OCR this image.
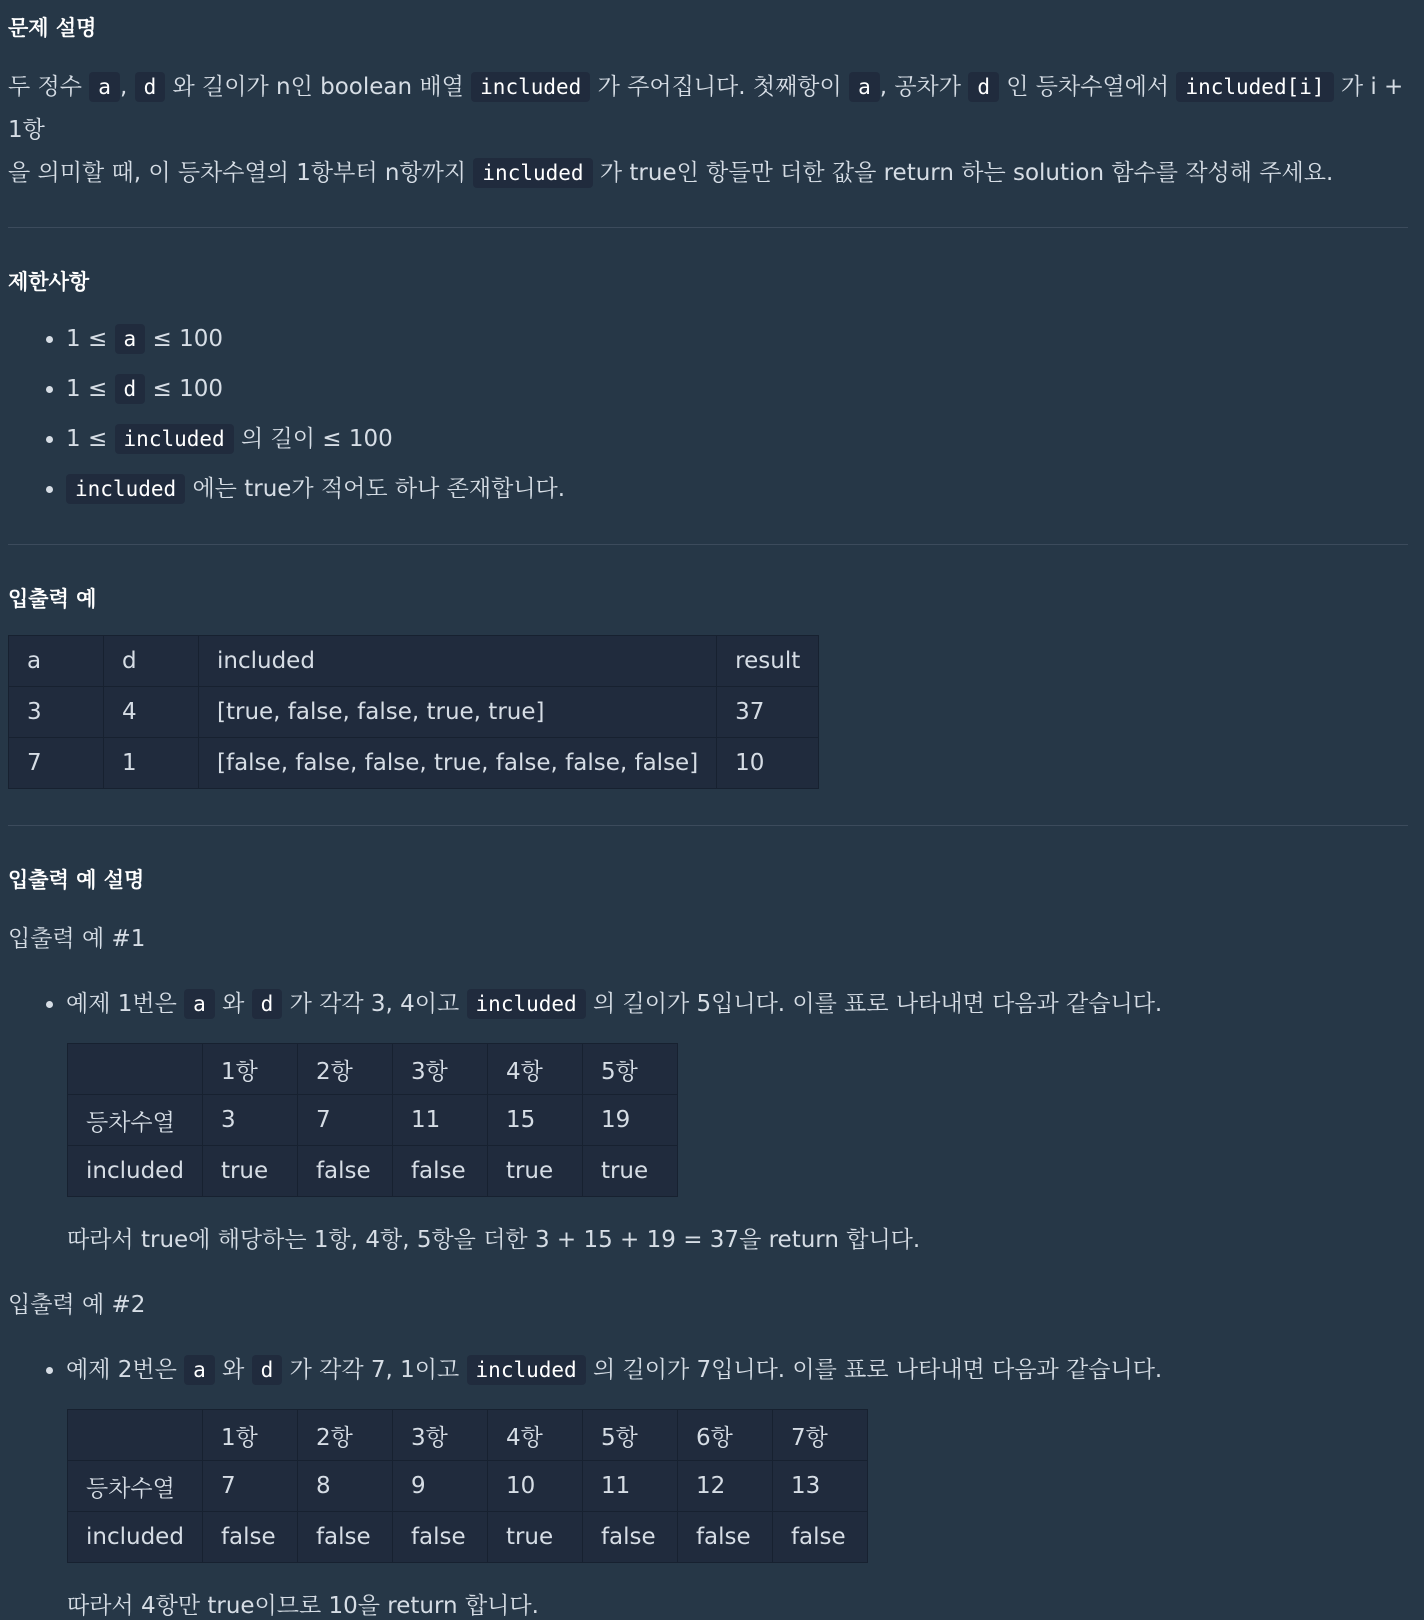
문제 설명

두 정수 a , d 와 길이가 n인 boolean 배열 included 가 주어집니다. 첫째항이 a , 공차가 d 인 등차수열에서 included[i] 가 i + 1항
을 의미할 때, 이 등차수열의 1항부터 n항까지 included 가 true인 항들만 더한 값을 return 하는 solution 함수를 작성해 주세요.

제한사항
• 1 ≤ a ≤ 100
• 1 ≤ d ≤ 100
• 1 ≤ included 의 길이 ≤ 100
• included 에는 true가 적어도 하나 존재합니다.
입출력 예
a	d	included	result
3	4	[true, false, false, true, true]	37
7	1	[false, false, false, true, false, false, false]	10
입출력 예 설명

입출력 예 #1

• 예제 1번은 a 와 d 가 각각 3, 4이고 included 의 길이가 5입니다. 이를 표로 나타내면 다음과 같습니다.
	1항	2항	3항	4항	5항
등차수열	3	7	11	15	19
included	true	false	false	true	true

따라서 true에 해당하는 1항, 4항, 5항을 더한 3 + 15 + 19 = 37을 return 합니다.

입출력 예 #2

• 예제 2번은 a 와 d 가 각각 7, 1이고 included 의 길이가 7입니다. 이를 표로 나타내면 다음과 같습니다.
	1항	2항	3항	4항	5항	6항	7항
등차수열	7	8	9	10	11	12	13
included	false	false	false	true	false	false	false

따라서 4항만 true이므로 10을 return 합니다.
